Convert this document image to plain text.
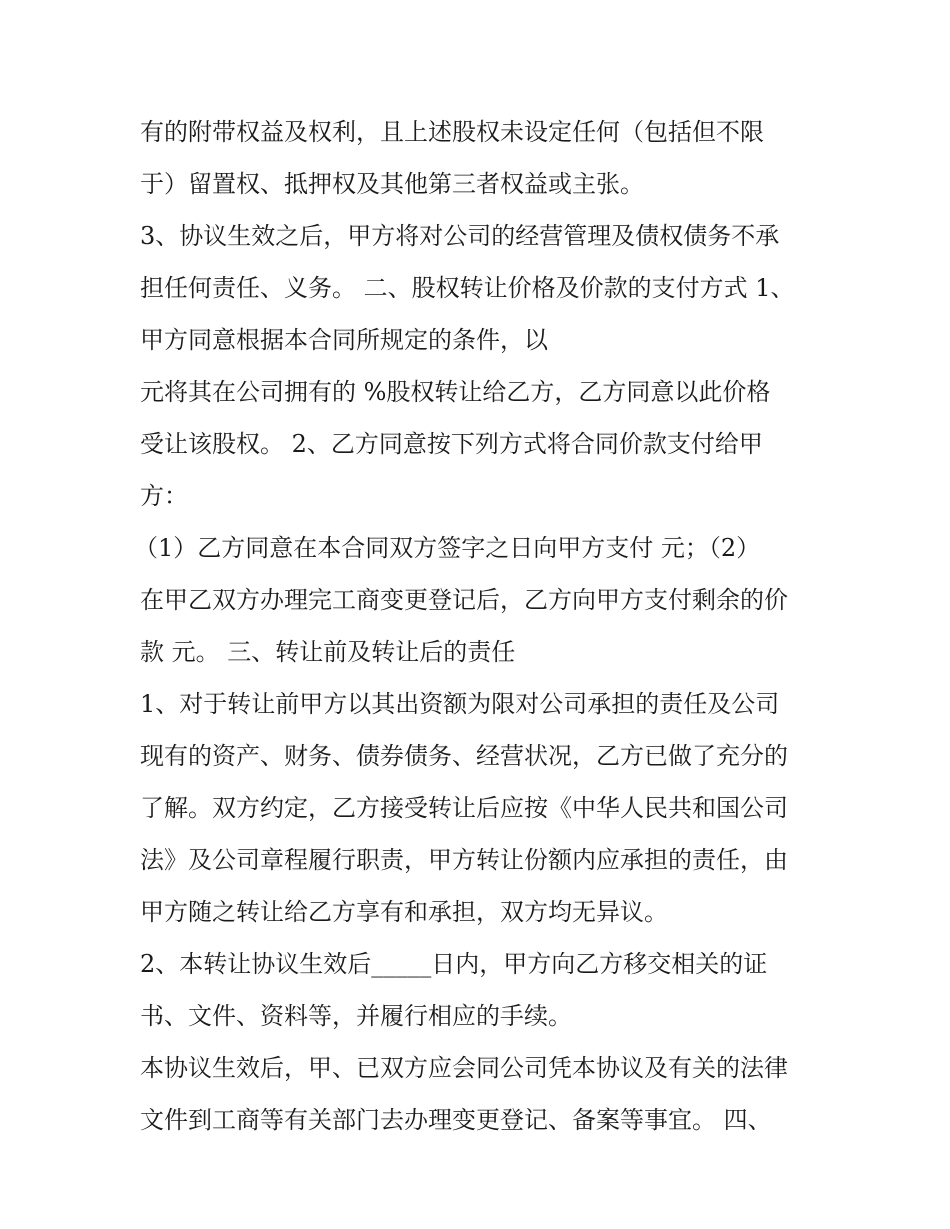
有的附带权益及权利，且上述股权未设定任何（包括但不限
于）留置权、抵押权及其他第三者权益或主张。
3、协议生效之后，甲方将对公司的经营管理及债权债务不承
担任何责任、义务。 二、股权转让价格及价款的支付方式 1、
甲方同意根据本合同所规定的条件，以
元将其在公司拥有的 %股权转让给乙方，乙方同意以此价格
受让该股权。 2、乙方同意按下列方式将合同价款支付给甲
方：
（1）乙方同意在本合同双方签字之日向甲方支付 元；（2）
在甲乙双方办理完工商变更登记后，乙方向甲方支付剩余的价
款 元。 三、转让前及转让后的责任
1、对于转让前甲方以其出资额为限对公司承担的责任及公司
现有的资产、财务、债券债务、经营状况，乙方已做了充分的
了解。双方约定，乙方接受转让后应按《中华人民共和国公司
法》及公司章程履行职责，甲方转让份额内应承担的责任，由
甲方随之转让给乙方享有和承担，双方均无异议。
2、本转让协议生效后_____日内，甲方向乙方移交相关的证
书、文件、资料等，并履行相应的手续。
本协议生效后，甲、已双方应会同公司凭本协议及有关的法律
文件到工商等有关部门去办理变更登记、备案等事宜。 四、
